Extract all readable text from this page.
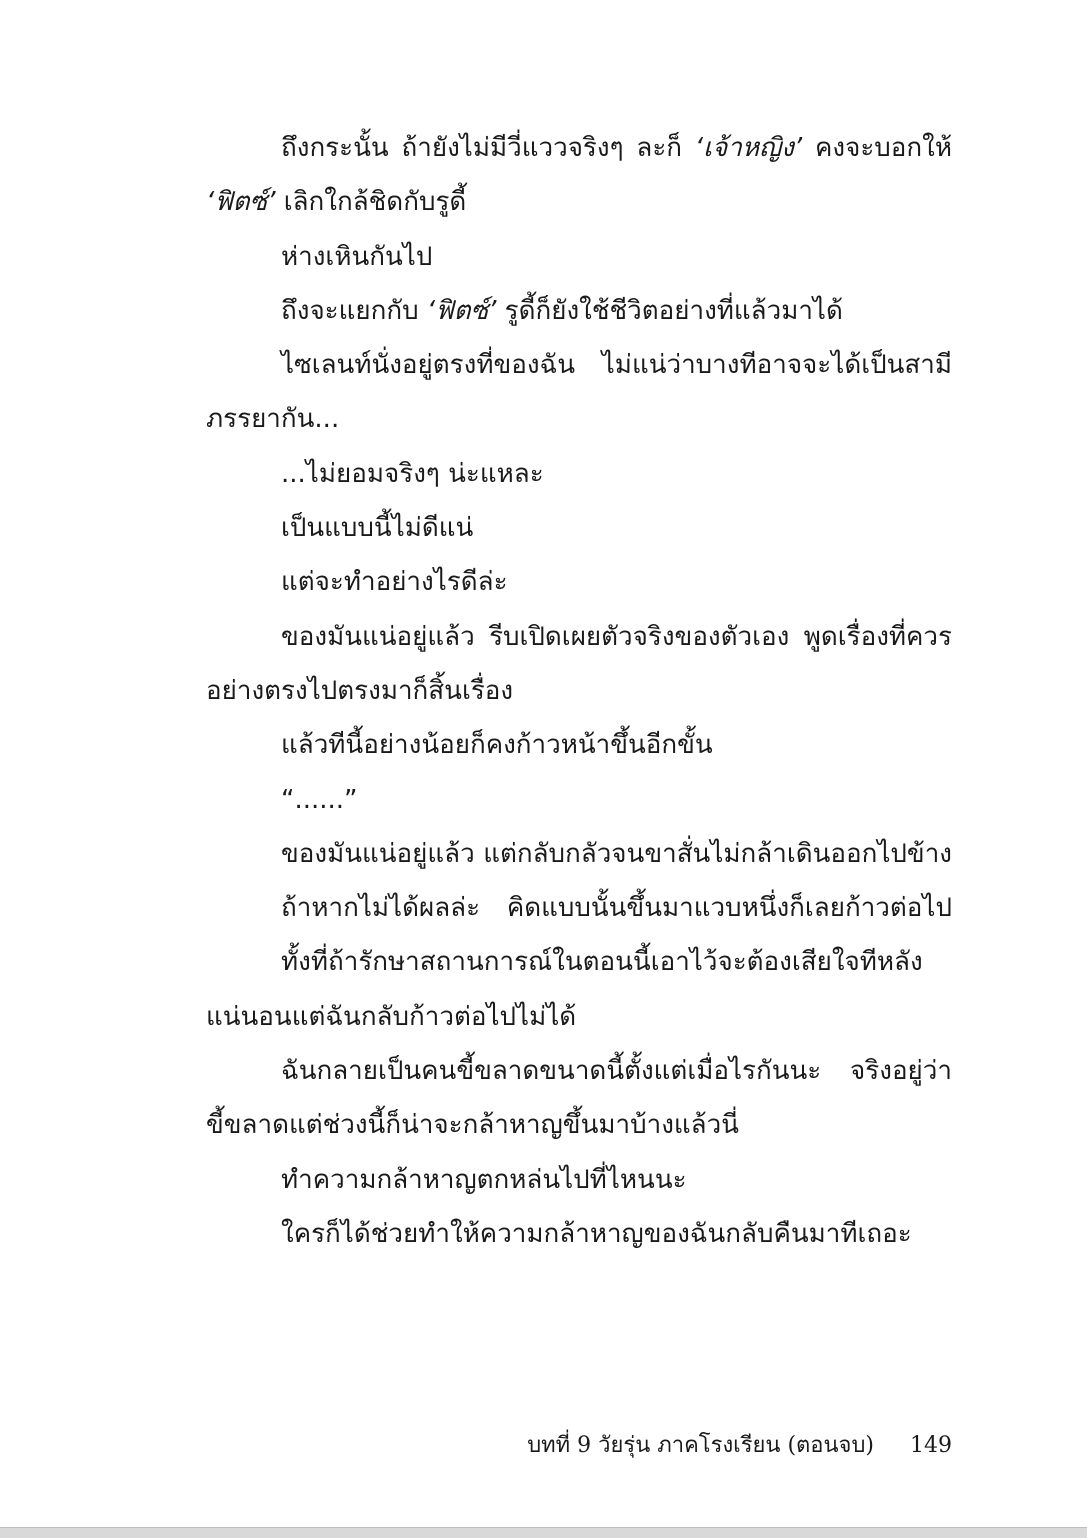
ถึงกระนั้น ถ้ายังไม่มีวี่แววจริงๆ ละก็ ‘เจ้าหญิง’ คงจะบอกให้
‘ฟิตซ์’ เลิกใกล้ชิดกับรูดี้
ห่างเหินกันไป
ถึงจะแยกกับ ‘ฟิตซ์’ รูดี้ก็ยังใช้ชีวิตอย่างที่แล้วมาได้
ไซเลนท์นั่งอยู่ตรงที่ของฉัน ไม่แน่ว่าบางทีอาจจะได้เป็นสามี
ภรรยากัน...
...ไม่ยอมจริงๆ น่ะแหละ
เป็นแบบนี้ไม่ดีแน่
แต่จะทำอย่างไรดีล่ะ
ของมันแน่อยู่แล้ว รีบเปิดเผยตัวจริงของตัวเอง พูดเรื่องที่ควร
อย่างตรงไปตรงมาก็สิ้นเรื่อง
แล้วทีนี้อย่างน้อยก็คงก้าวหน้าขึ้นอีกขั้น
“......”
ของมันแน่อยู่แล้ว แต่กลับกลัวจนขาสั่นไม่กล้าเดินออกไปข้าง
ถ้าหากไม่ได้ผลล่ะ คิดแบบนั้นขึ้นมาแวบหนึ่งก็เลยก้าวต่อไป
ทั้งที่ถ้ารักษาสถานการณ์ในตอนนี้เอาไว้จะต้องเสียใจทีหลัง
แน่นอนแต่ฉันกลับก้าวต่อไปไม่ได้
ฉันกลายเป็นคนขี้ขลาดขนาดนี้ตั้งแต่เมื่อไรกันนะ จริงอยู่ว่า
ขี้ขลาดแต่ช่วงนี้ก็น่าจะกล้าหาญขึ้นมาบ้างแล้วนี่
ทำความกล้าหาญตกหล่นไปที่ไหนนะ
ใครก็ได้ช่วยทำให้ความกล้าหาญของฉันกลับคืนมาทีเถอะ
บทที่ 9 วัยรุ่น ภาคโรงเรียน (ตอนจบ) 149
